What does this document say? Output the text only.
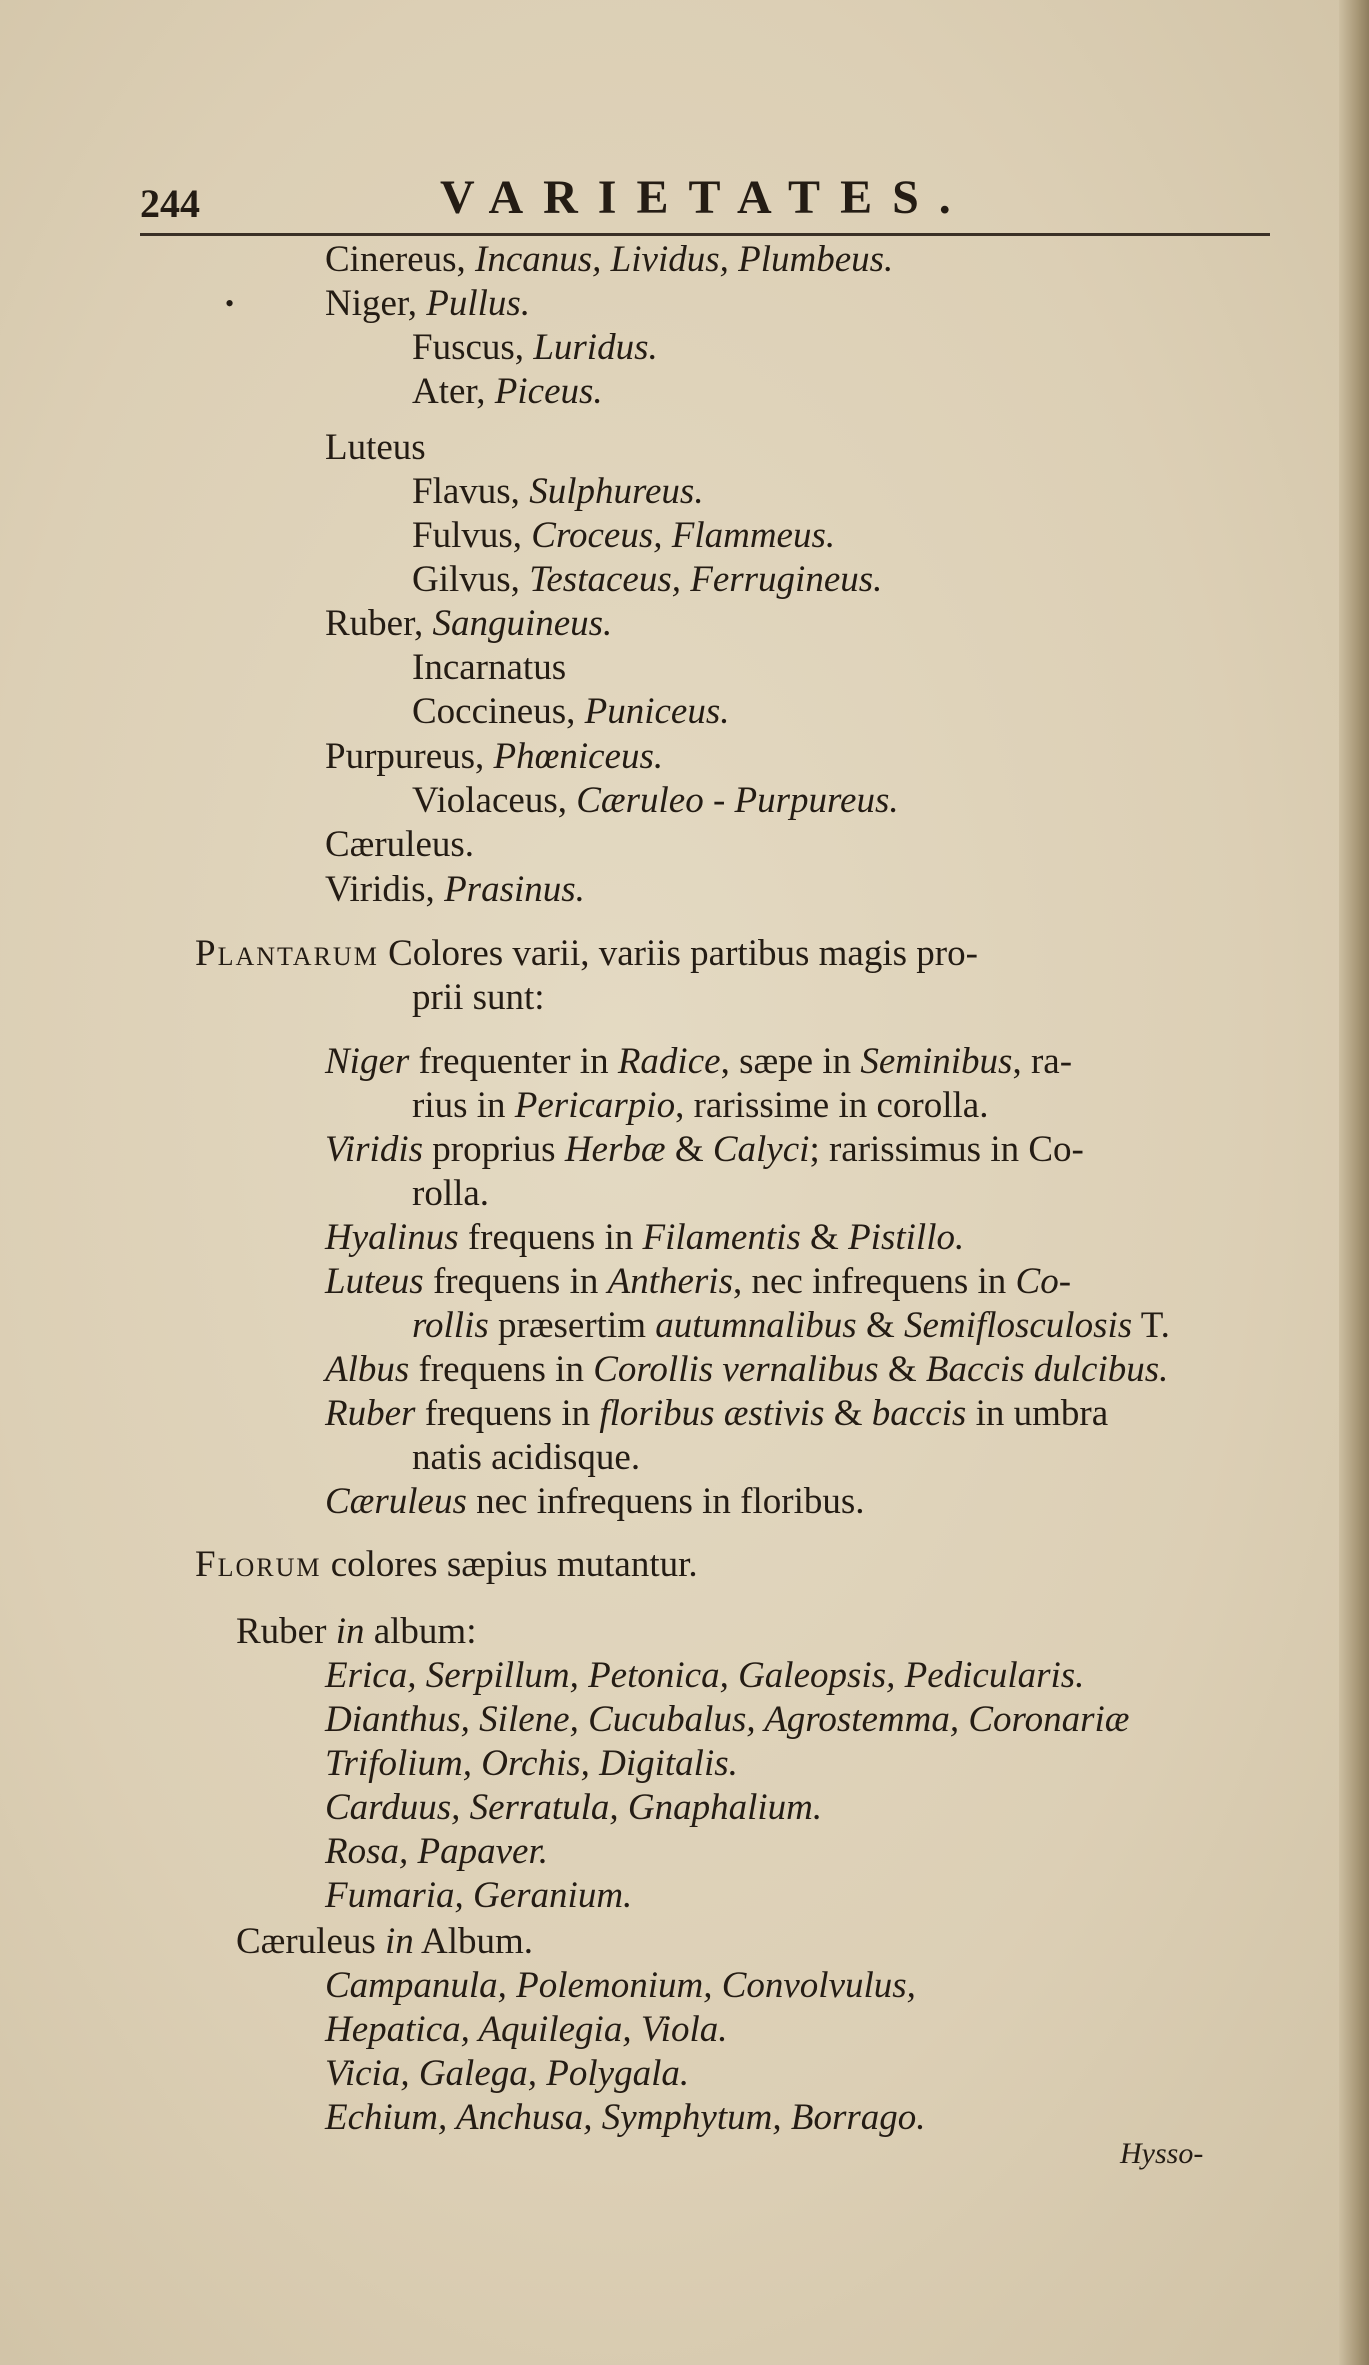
244	VARIETATES.
Cinereus, Incanus, Lividus, Plumbeus.
• Niger, Pullus.
Fuscus, Luridus.
Ater, Piceus.
Luteus
Flavus, Sulphureus.
Fulvus, Croceus, Flammeus.
Gilvus, Testaceus, Ferrugineus.
Ruber, Sanguineus.
Incarnatus
Coccineus, Puniceus.
Purpureus, Phœniceus.
Violaceus, Cæruleo - Purpureus.
Cæruleus.
Viridis, Prasinus.
Plantarum Colores varii, variis partibus magis pro-
prii sunt:
Niger frequenter in Radice, sæpe in Seminibus, ra-
rius in Pericarpio, rarissime in corolla.
Viridis proprius Herbæ & Calyci; rarissimus in Co-
rolla.
Hyalinus frequens in Filamentis & Pistillo.
Luteus frequens in Antheris, nec infrequens in Co-
rollis præsertim autumnalibus & Semiflosculosis T.
Albus frequens in Corollis vernalibus & Baccis dulcibus.
Ruber frequens in floribus æstivis & baccis in umbra
natis acidisque.
Cæruleus nec infrequens in floribus.
Florum colores sæpius mutantur.
Ruber in album:
Erica, Serpillum, Petonica, Galeopsis, Pedicularis.
Dianthus, Silene, Cucubalus, Agrostemma, Coronariæ
Trifolium, Orchis, Digitalis.
Carduus, Serratula, Gnaphalium.
Rosa, Papaver.
Fumaria, Geranium.
Cæruleus in Album.
Campanula, Polemonium, Convolvulus,
Hepatica, Aquilegia, Viola.
Vicia, Galega, Polygala.
Echium, Anchusa, Symphytum, Borrago.
Hysso-
